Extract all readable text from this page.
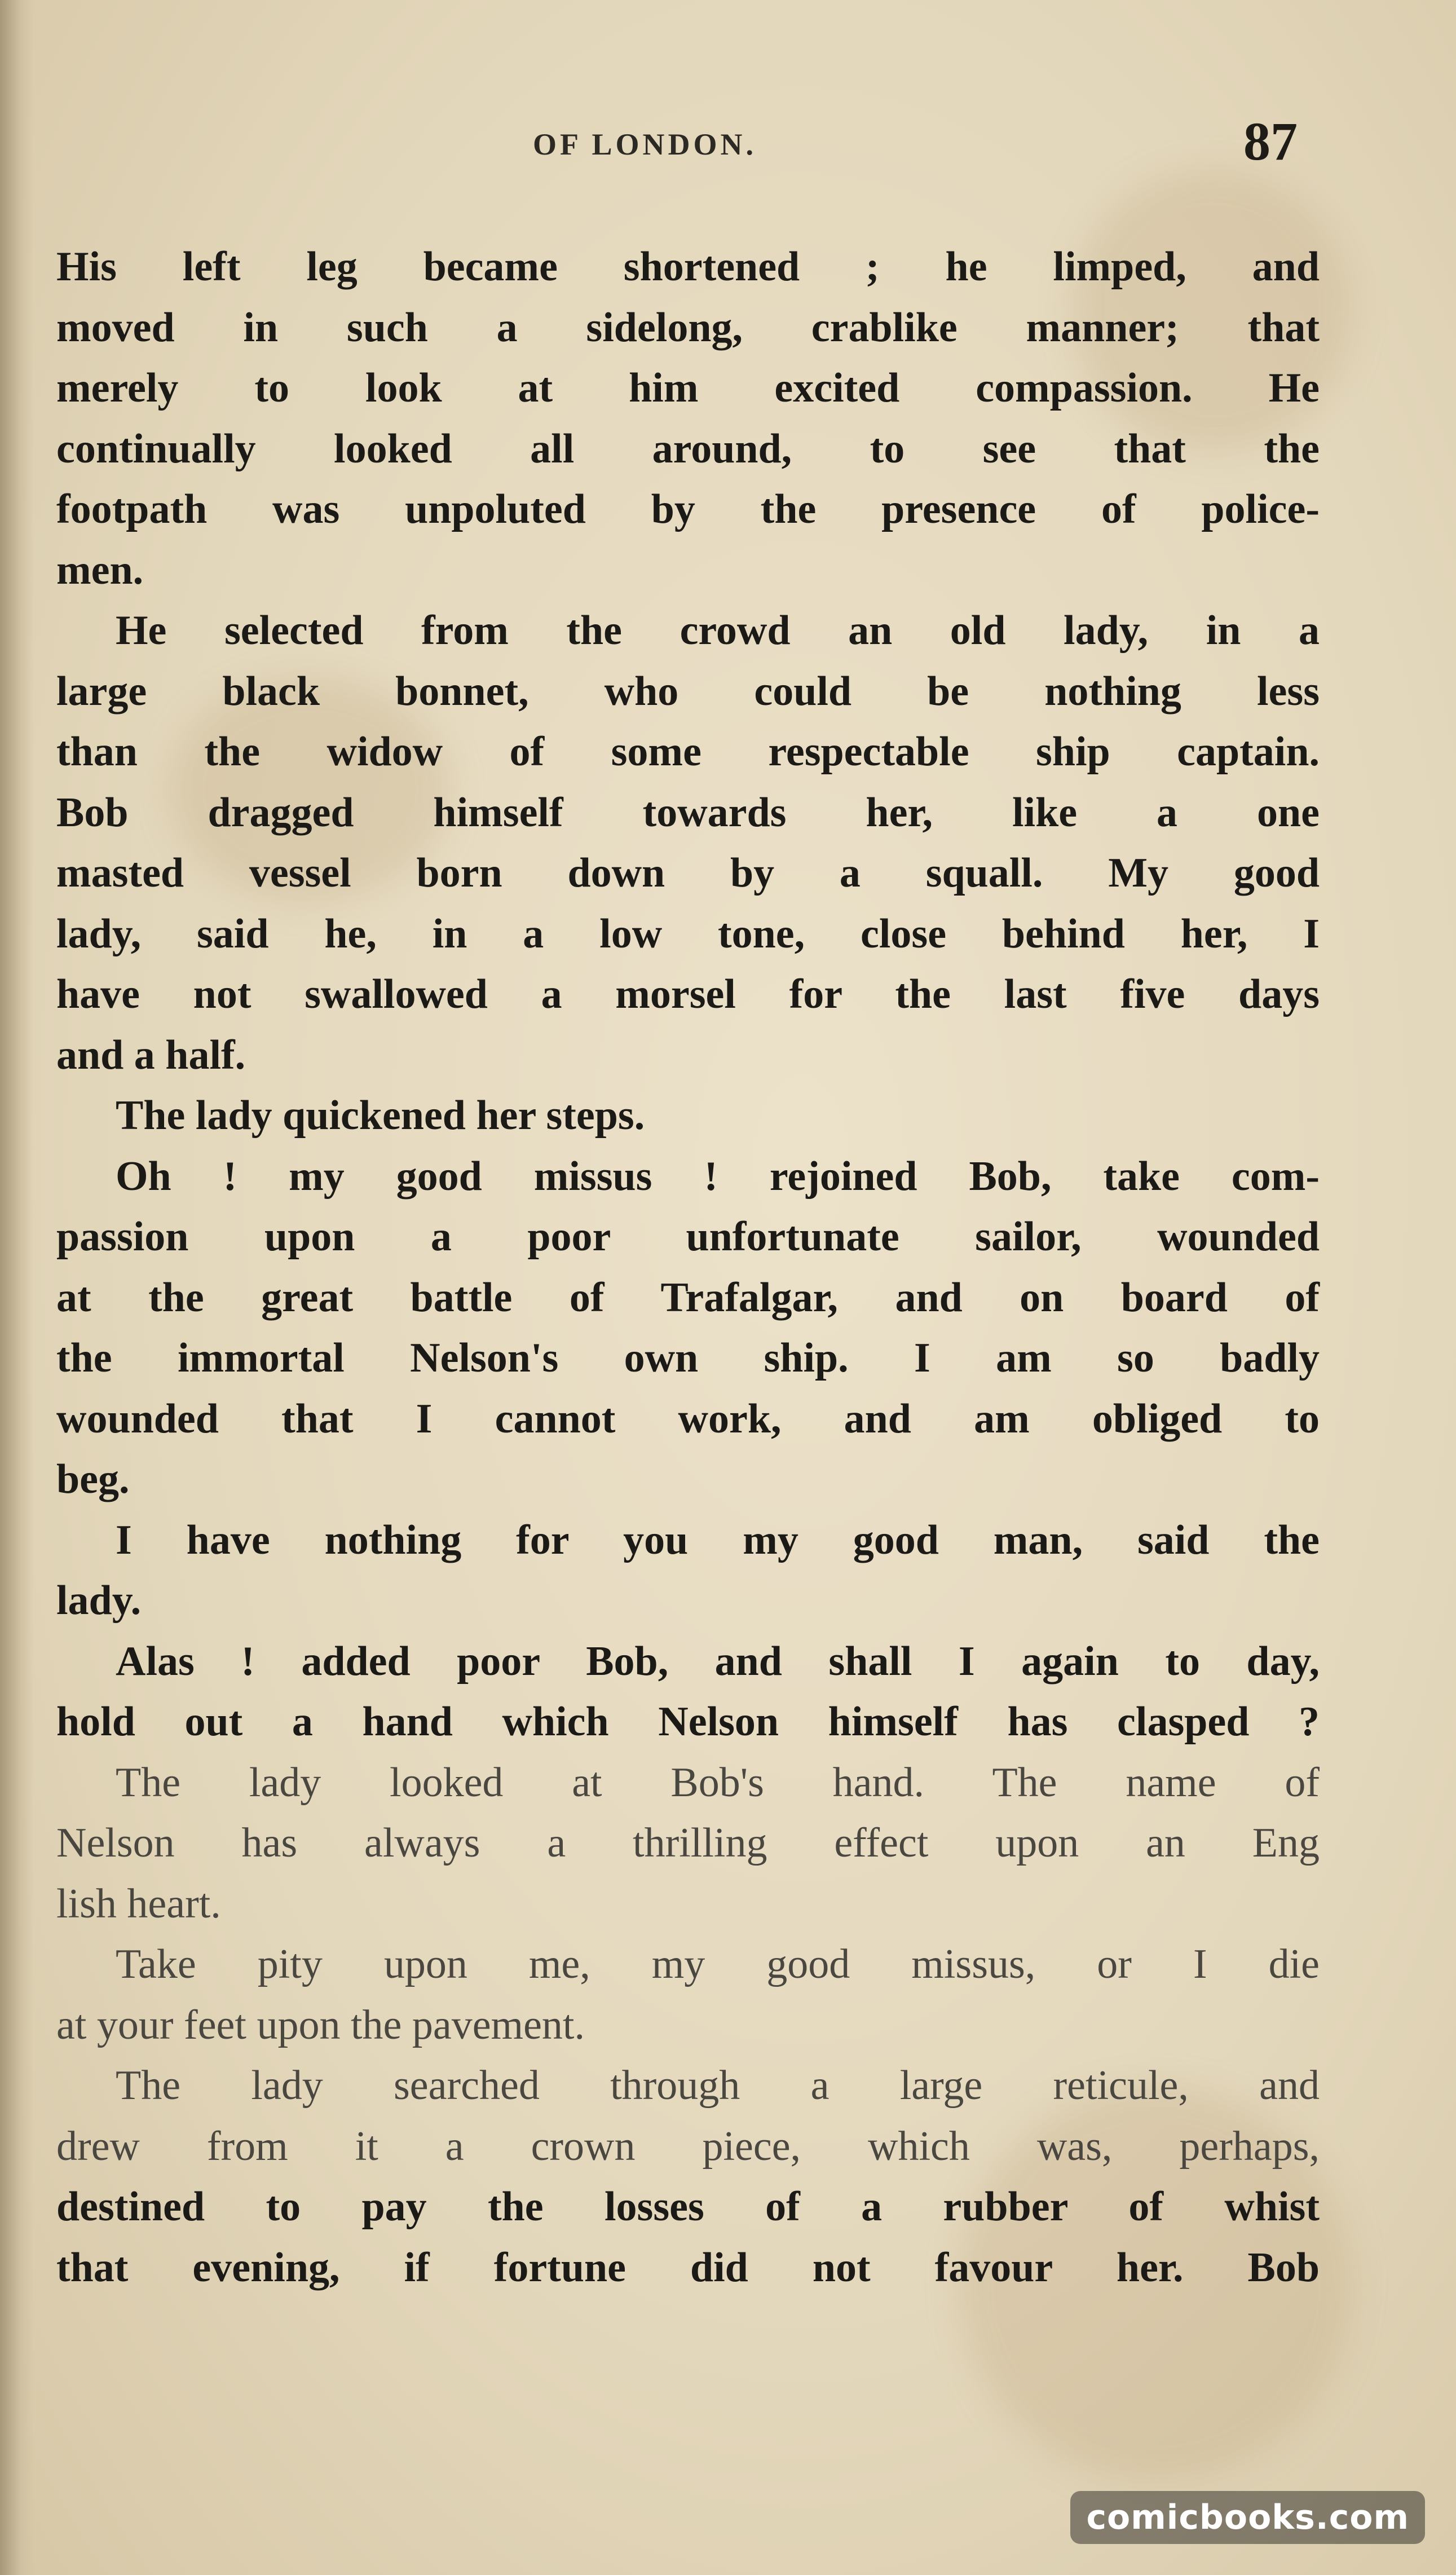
OF LONDON.	87
His left leg became shortened ; he limped, and
moved in such a sidelong, crablike manner; that
merely to look at him excited compassion. He
continually looked all around, to see that the
footpath was unpoluted by the presence of police-
men.
He selected from the crowd an old lady, in a
large black bonnet, who could be nothing less
than the widow of some respectable ship captain.
Bob dragged himself towards her, like a one
masted vessel born down by a squall. My good
lady, said he, in a low tone, close behind her, I
have not swallowed a morsel for the last five days
and a half.
The lady quickened her steps.
Oh ! my good missus ! rejoined Bob, take com-
passion upon a poor unfortunate sailor, wounded
at the great battle of Trafalgar, and on board of
the immortal Nelson's own ship. I am so badly
wounded that I cannot work, and am obliged to
beg.
I have nothing for you my good man, said the
lady.
Alas ! added poor Bob, and shall I again to day,
hold out a hand which Nelson himself has clasped ?
The lady looked at Bob's hand. The name of
Nelson has always a thrilling effect upon an Eng
lish heart.
Take pity upon me, my good missus, or I die
at your feet upon the pavement.
The lady searched through a large reticule, and
drew from it a crown piece, which was, perhaps,
destined to pay the losses of a rubber of whist
that evening, if fortune did not favour her. Bob
comicbooks.com
